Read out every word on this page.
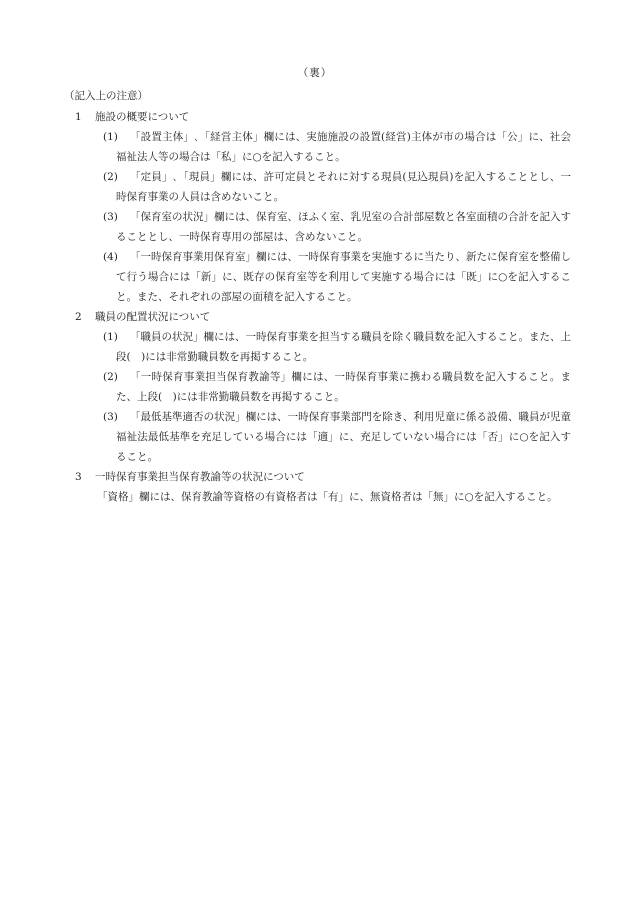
（裏）
（記入上の注意）
1 施設の概要について
(1)	「設置主体」､「経営主体」欄には、実施施設の設置(経営)主体が市の場合は「公」に、社会福祉法人等の場合は「私」に○を記入すること。
(2)	「定員」､「現員」欄には、許可定員とそれに対する現員(見込現員)を記入することとし、一時保育事業の人員は含めないこと。
(3)	「保育室の状況」欄には、保育室、ほふく室、乳児室の合計部屋数と各室面積の合計を記入することとし、一時保育専用の部屋は、含めないこと。
(4)	「一時保育事業用保育室」欄には、一時保育事業を実施するに当たり、新たに保育室を整備して行う場合には「新」に、既存の保育室等を利用して実施する場合には「既」に○を記入すること。また、それぞれの部屋の面積を記入すること。
2 職員の配置状況について
(1)	「職員の状況」欄には、一時保育事業を担当する職員を除く職員数を記入すること。また、上段(　)には非常勤職員数を再掲すること。
(2)	「一時保育事業担当保育教諭等」欄には、一時保育事業に携わる職員数を記入すること。また、上段(　)には非常勤職員数を再掲すること。
(3)	「最低基準適否の状況」欄には、一時保育事業部門を除き、利用児童に係る設備、職員が児童福祉法最低基準を充足している場合には「適」に、充足していない場合には「否」に○を記入すること。
3 一時保育事業担当保育教諭等の状況について
「資格」欄には、保育教諭等資格の有資格者は「有」に、無資格者は「無」に○を記入すること。
